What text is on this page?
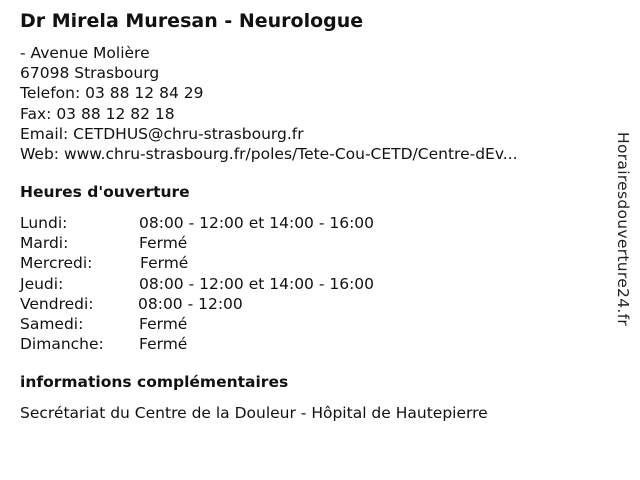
Dr Mirela Muresan - Neurologue
- Avenue Molière
67098 Strasbourg
Telefon: 03 88 12 84 29
Fax: 03 88 12 82 18
Email: CETDHUS@chru-strasbourg.fr
Web: www.chru-strasbourg.fr/poles/Tete-Cou-CETD/Centre-dEv...
Heures d'ouverture
Lundi:	08:00 - 12:00 et 14:00 - 16:00
Mardi:	Fermé
Mercredi:	Fermé
Jeudi:	08:00 - 12:00 et 14:00 - 16:00
Vendredi:	08:00 - 12:00
Samedi:	Fermé
Dimanche: Fermé
informations complémentaires
Secrétariat du Centre de la Douleur - Hôpital de Hautepierre
Horairesdouverture24.fr
